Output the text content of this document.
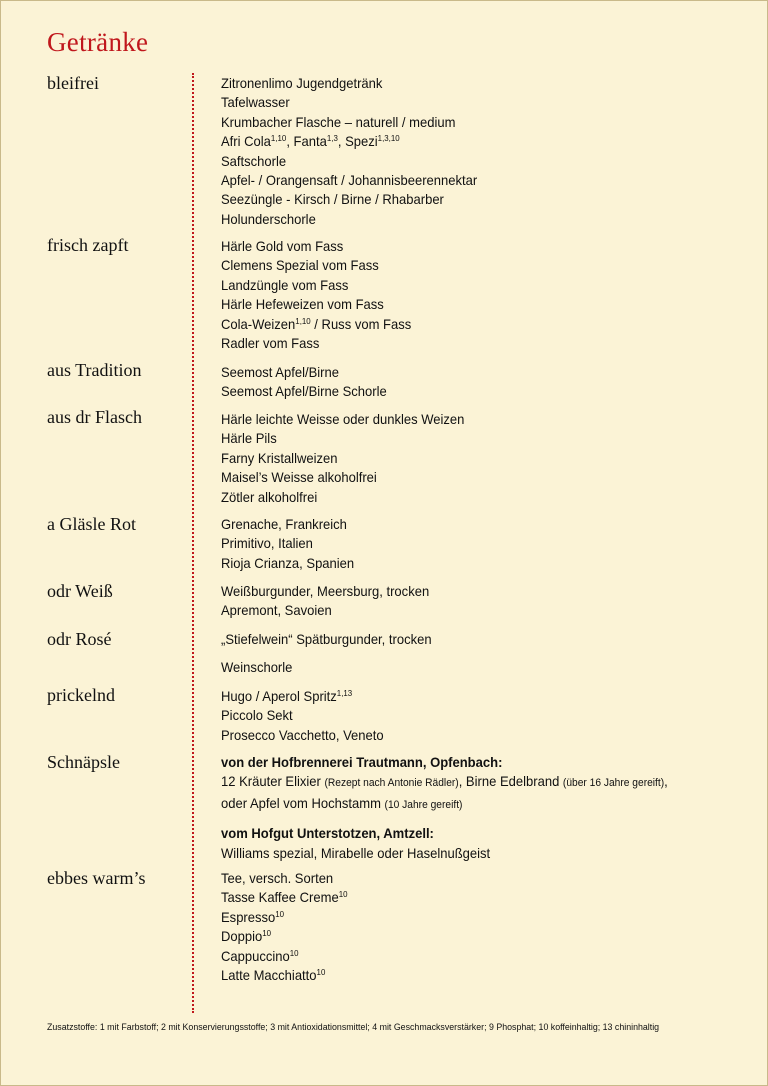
Getränke
bleifrei	Zitronenlimo Jugendgetränk
Tafelwasser
Krumbacher Flasche – naturell / medium
Afri Cola$^{1,10}$, Fanta$^{1,3}$, Spezi$^{1,3,10}$
Saftschorle
Apfel- / Orangensaft / Johannisbeerennektar
Seezüngle - Kirsch / Birne / Rhabarber
Holunderschorle
frisch zapft	Härle Gold vom Fass
Clemens Spezial vom Fass
Landzüngle vom Fass
Härle Hefeweizen vom Fass
Cola-Weizen$^{1,10}$ / Russ vom Fass
Radler vom Fass
aus Tradition	Seemost Apfel/Birne
Seemost Apfel/Birne Schorle
aus dr Flasch	Härle leichte Weisse oder dunkles Weizen
Härle Pils
Farny Kristallweizen
Maisel’s Weisse alkoholfrei
Zötler alkoholfrei
a Gläsle Rot	Grenache, Frankreich
Primitivo, Italien
Rioja Crianza, Spanien
odr Weiß	Weißburgunder, Meersburg, trocken
Apremont, Savoien
odr Rosé	„Stiefelwein“ Spätburgunder, trocken

Weinschorle
prickelnd	Hugo / Aperol Spritz$^{1,13}$
Piccolo Sekt
Prosecco Vacchetto, Veneto
Schnäpsle	von der Hofbrennerei Trautmann, Opfenbach:
12 Kräuter Elixier (Rezept nach Antonie Rädler), Birne Edelbrand (über 16 Jahre gereift),
oder Apfel vom Hochstamm (10 Jahre gereift)

vom Hofgut Unterstotzen, Amtzell:
Williams spezial, Mirabelle oder Haselnußgeist
ebbes warm’s	Tee, versch. Sorten
Tasse Kaffee Creme$^{10}$
Espresso$^{10}$
Doppio$^{10}$
Cappuccino$^{10}$
Latte Macchiatto$^{10}$
Zusatzstoffe: 1 mit Farbstoff; 2 mit Konservierungsstoffe; 3 mit Antioxidationsmittel; 4 mit Geschmacksverstärker; 9 Phosphat; 10 koffeinhaltig; 13 chininhaltig
